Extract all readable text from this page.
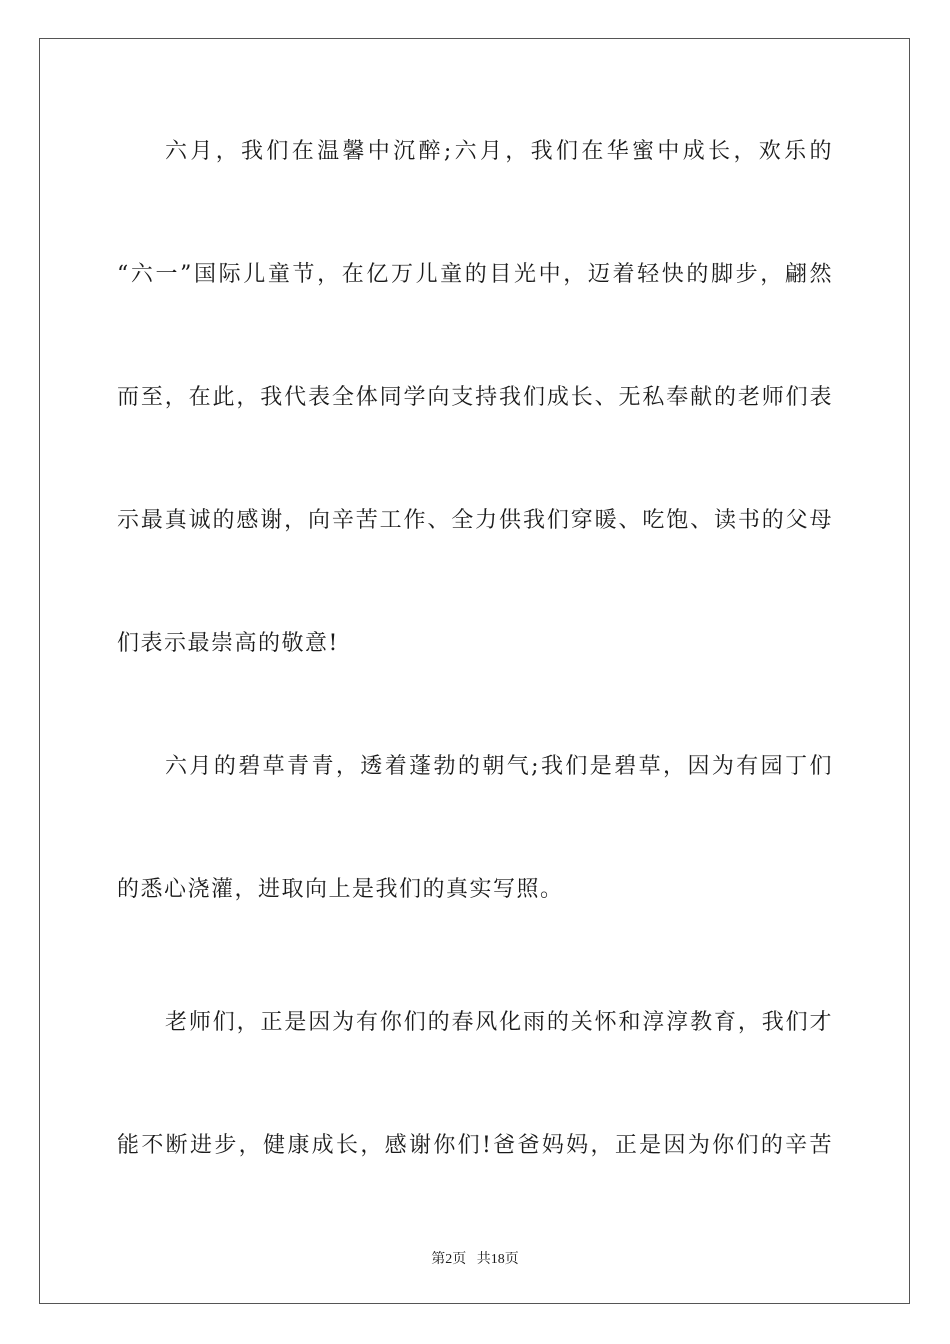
六月，我们在温馨中沉醉;六月，我们在华蜜中成长，欢乐的
“六一”国际儿童节，在亿万儿童的目光中，迈着轻快的脚步，翩然
而至，在此，我代表全体同学向支持我们成长、无私奉献的老师们表
示最真诚的感谢，向辛苦工作、全力供我们穿暖、吃饱、读书的父母
们表示最崇高的敬意!
六月的碧草青青，透着蓬勃的朝气;我们是碧草，因为有园丁们
的悉心浇灌，进取向上是我们的真实写照。
老师们，正是因为有你们的春风化雨的关怀和淳淳教育，我们才
能不断进步，健康成长，感谢你们!爸爸妈妈，正是因为你们的辛苦
第2页   共18页
